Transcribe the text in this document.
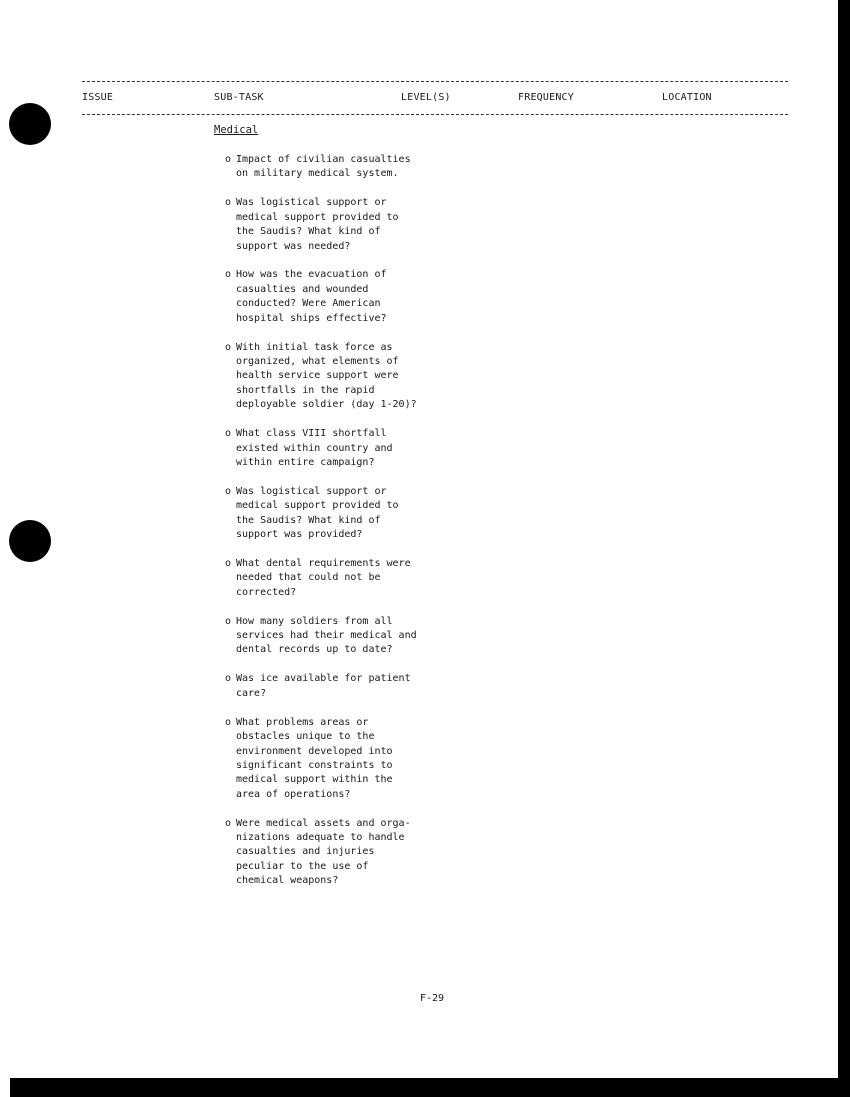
ISSUE	SUB-TASK	LEVEL(S)	FREQUENCY	LOCATION
Medical
o Impact of civilian casualties
on military medical system.
o Was logistical support or
medical support provided to
the Saudis? What kind of
support was needed?
o How was the evacuation of
casualties and wounded
conducted? Were American
hospital ships effective?
o With initial task force as
organized, what elements of
health service support were
shortfalls in the rapid
deployable soldier (day 1-20)?
o What class VIII shortfall
existed within country and
within entire campaign?
o Was logistical support or
medical support provided to
the Saudis? What kind of
support was provided?
o What dental requirements were
needed that could not be
corrected?
o How many soldiers from all
services had their medical and
dental records up to date?
o Was ice available for patient
care?
o What problems areas or
obstacles unique to the
environment developed into
significant constraints to
medical support within the
area of operations?
o Were medical assets and orga-
nizations adequate to handle
casualties and injuries
peculiar to the use of
chemical weapons?
F-29
